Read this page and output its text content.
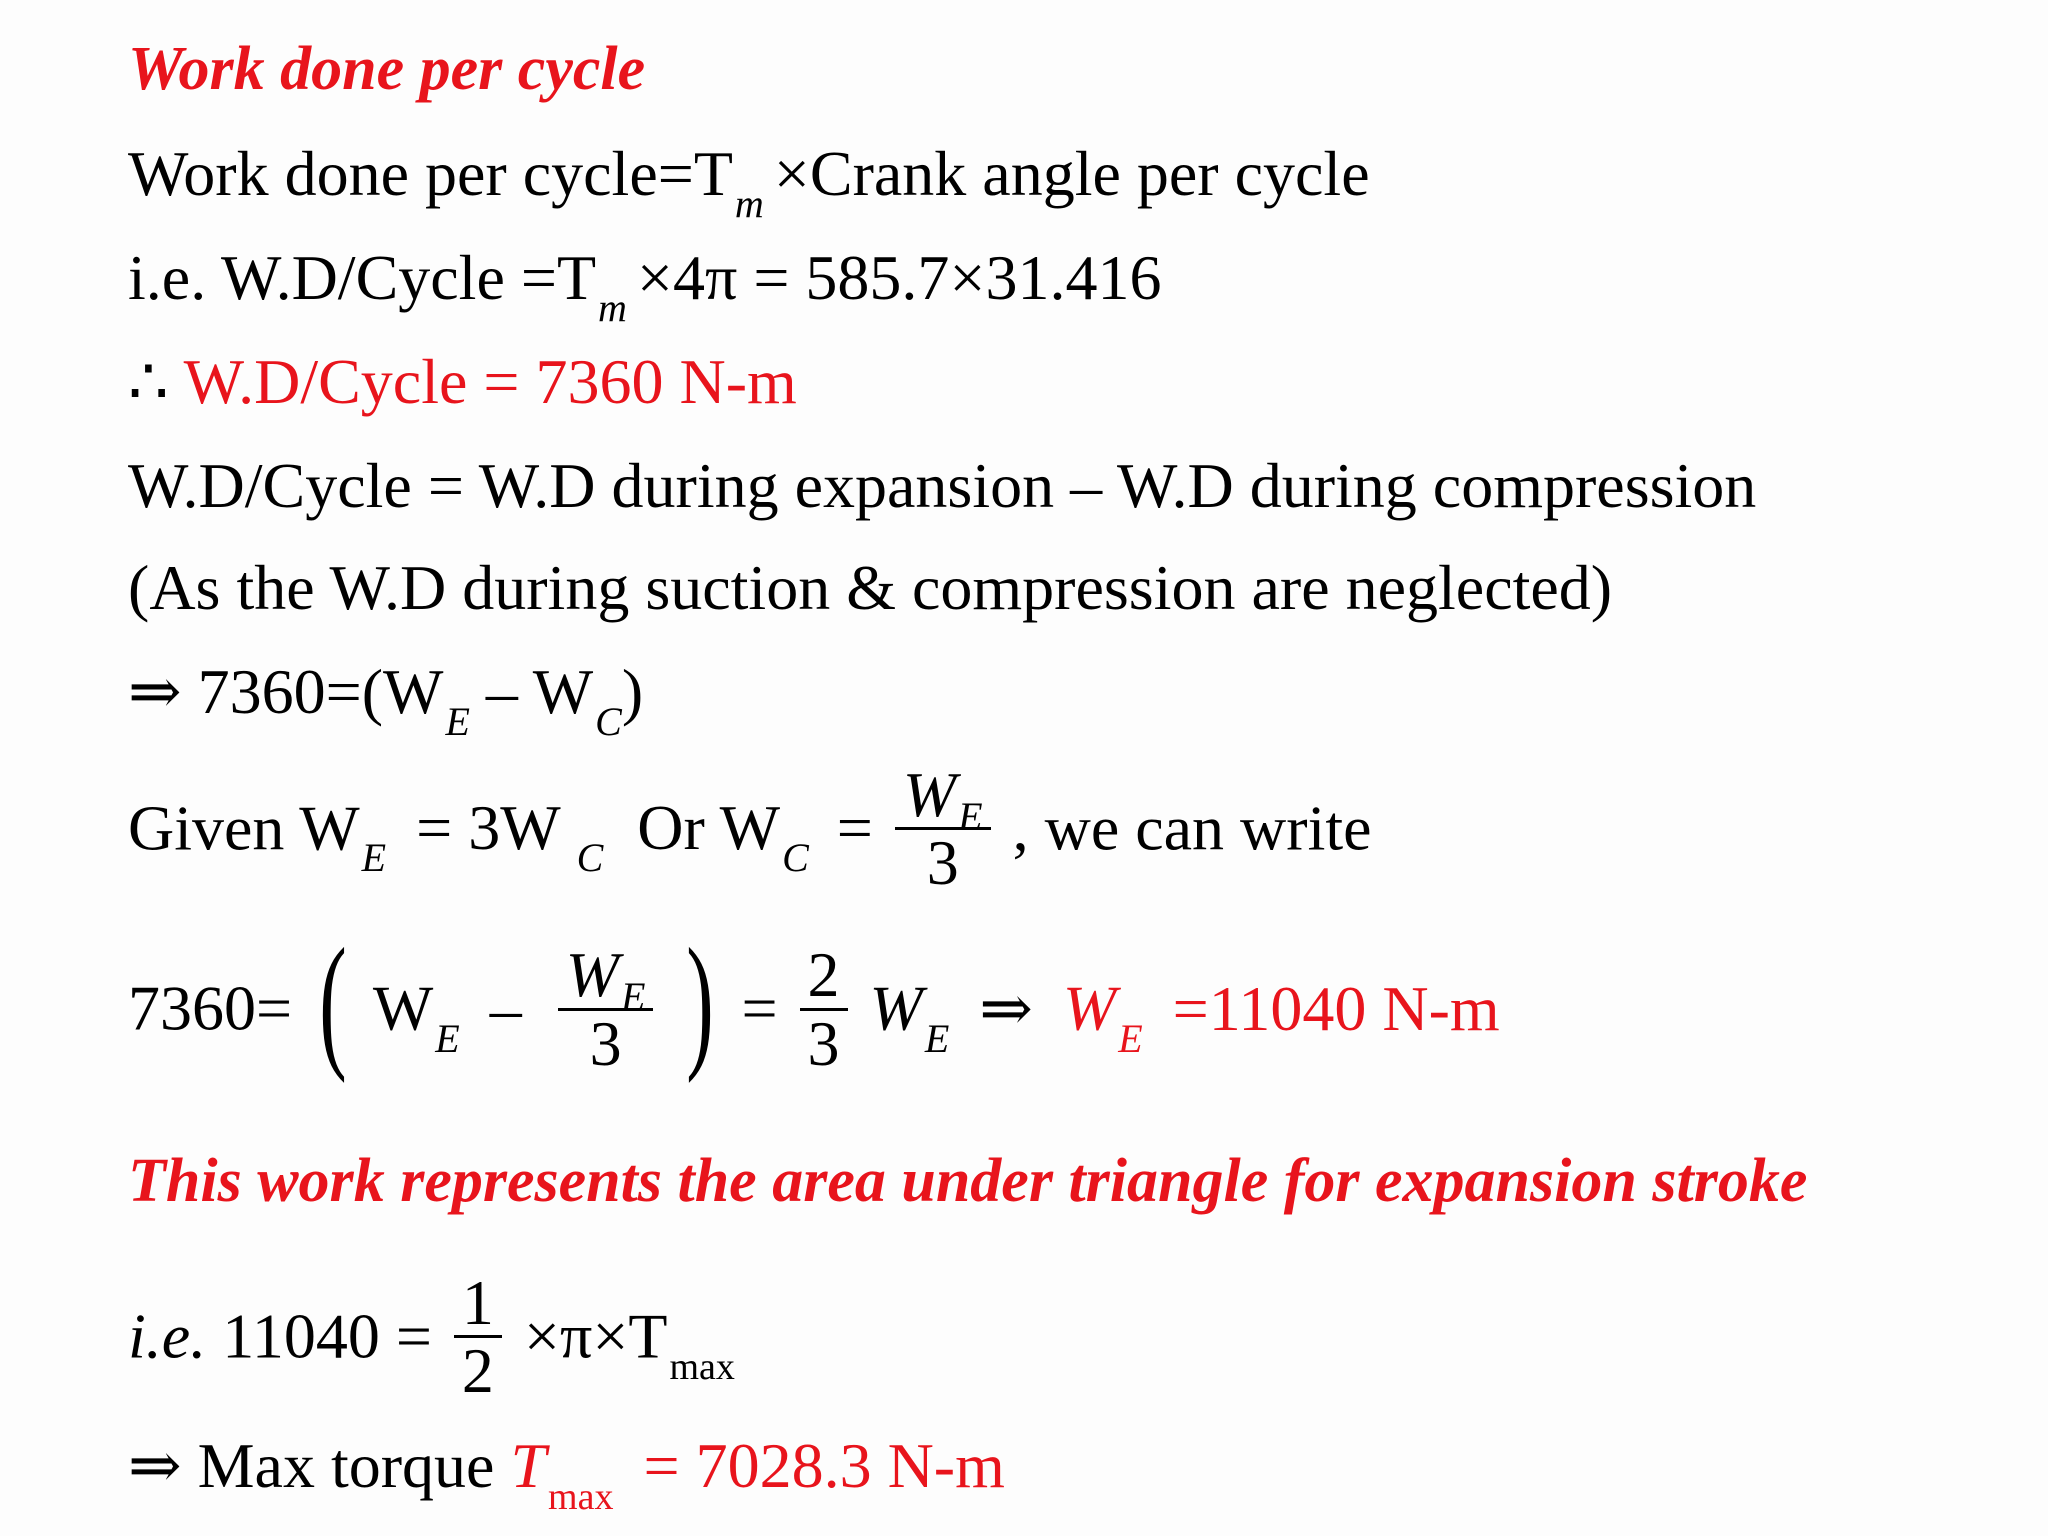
Work done per cycle
Work done per $cycle=T_m$ ×Crank angle per cycle
i.e. W.D/Cycle $=T_m \times 4\pi = 585.7\times 31.416$
∴ W.D/Cycle = 7360 N-m
W.D/Cycle = W.D during expansion – W.D during compression
(As the W.D during suction & compression are neglected)
⇒ $7360=(W_E - W_C)$
Given $W_E = 3W$ $_C$ Or $W_C = \frac{W_E}{3}$ , we can write
7360= ( $W_E - \frac{W_E}{3}$ ) = $\frac{2}{3} W_E$ ⇒ $W_E =11040$ N-m
This work represents the area under triangle for expansion stroke
i.e. $11040 = \frac{1}{2} \times\pi\times T_{max}$
⇒ Max torque $T_{max} = 7028.3$ N-m
